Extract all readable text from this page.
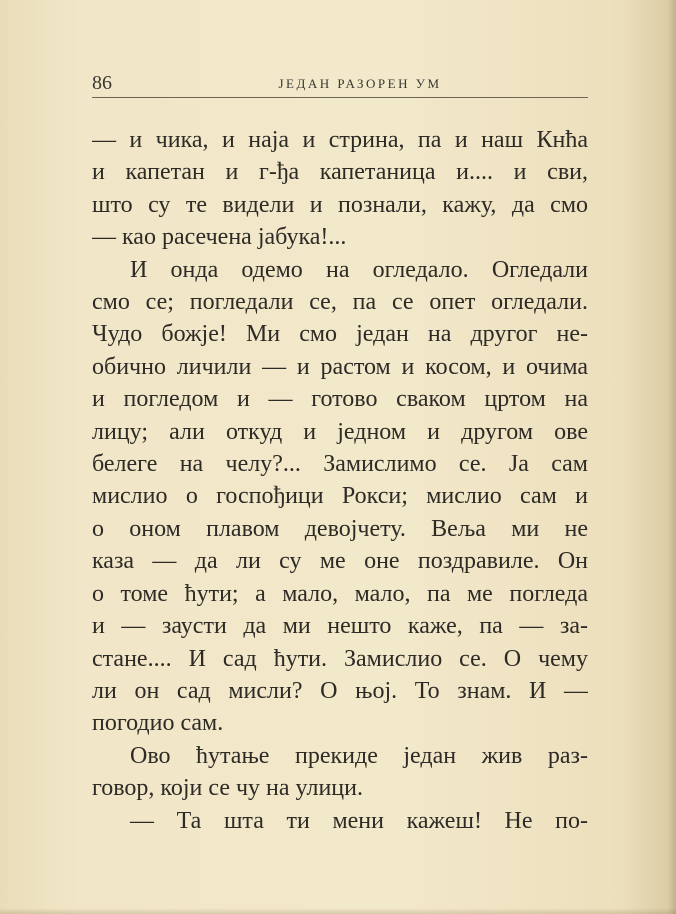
86	ЈЕДАН РАЗОРЕН УМ

— и чика, и наја и стрина, па и наш Кнћа
и капетан и г-ђа капетаница и.... и сви,
што су те видели и познали, кажу, да смо
— као расечена јабука!...

И онда одемо на огледало. Огледали
смо се; погледали се, па се опет огледали.
Чудо божје! Ми смо један на другог не-
обично личили — и растом и косом, и очима
и погледом и — готово сваком цртом на
лицу; али откуд и једном и другом ове
белеге на челу?... Замислимо се. Ја сам
мислио о госпођици Рокси; мислио сам и
о оном плавом девојчету. Веља ми не
каза — да ли су ме оне поздравиле. Он
о томе ћути; а мало, мало, па ме погледа
и — заусти да ми нешто каже, па — за-
стане.... И сад ћути. Замислио се. О чему
ли он сад мисли? О њој. То знам. И —
погодио сам.

Ово ћутање прекиде један жив раз-
говор, који се чу на улици.

— Та шта ти мени кажеш! Не по-
